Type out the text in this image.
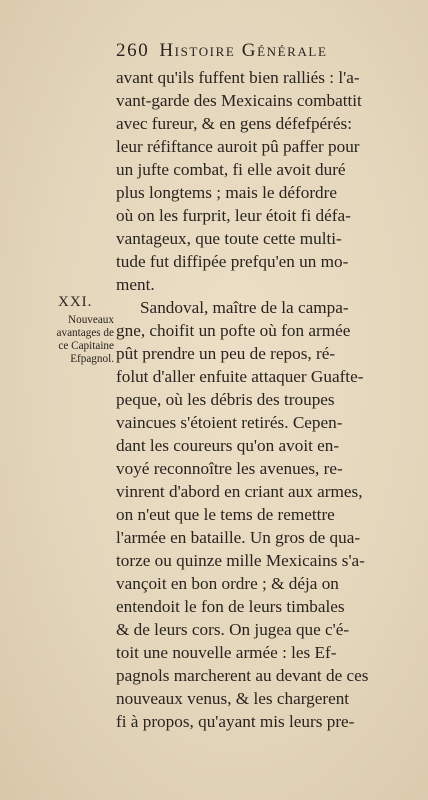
260 Histoire Générale
XXI.
Nouveaux
avantages de
ce Capitaine
Efpagnol.
avant qu'ils fuffent bien ralliés : l'a-
vant-garde des Mexicains combattit
avec fureur, & en gens défefpérés:
leur réfiftance auroit pû paffer pour
un jufte combat, fi elle avoit duré
plus longtems ; mais le défordre
où on les furprit, leur étoit fi défa-
vantageux, que toute cette multi-
tude fut diffipée prefqu'en un mo-
ment.
Sandoval, maître de la campa-
gne, choifit un pofte où fon armée
pût prendre un peu de repos, ré-
folut d'aller enfuite attaquer Guafte-
peque, où les débris des troupes
vaincues s'étoient retirés. Cepen-
dant les coureurs qu'on avoit en-
voyé reconnoître les avenues, re-
vinrent d'abord en criant aux armes,
on n'eut que le tems de remettre
l'armée en bataille. Un gros de qua-
torze ou quinze mille Mexicains s'a-
vançoit en bon ordre ; & déja on
entendoit le fon de leurs timbales
& de leurs cors. On jugea que c'é-
toit une nouvelle armée : les Ef-
pagnols marcherent au devant de ces
nouveaux venus, & les chargerent
fi à propos, qu'ayant mis leurs pre-
